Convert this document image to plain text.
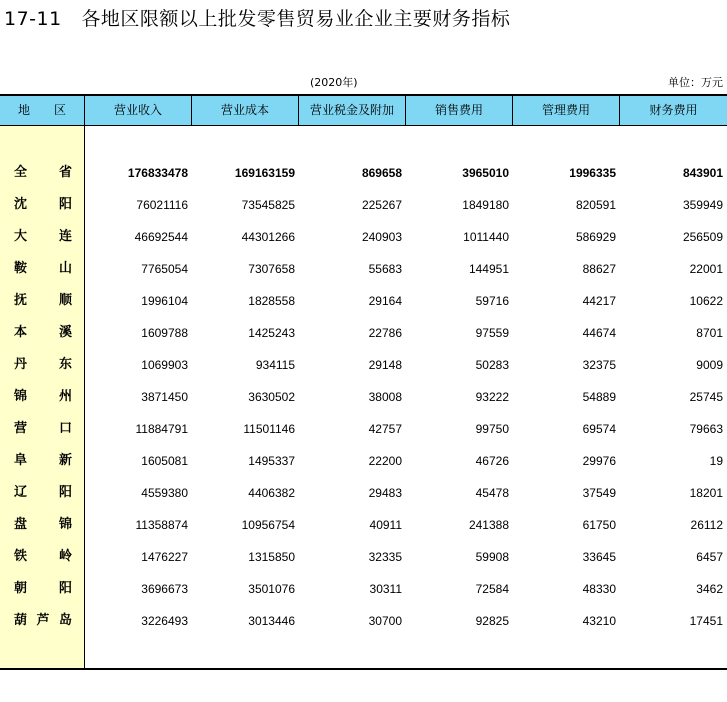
17-11   各地区限额以上批发零售贸易业企业主要财务指标
(2020年)	单位：万元
地　　区	营业收入	营业成本	营业税金及附加	销售费用	管理费用	财务费用
全省	176833478	169163159	869658	3965010	1996335	843901
沈阳	76021116	73545825	225267	1849180	820591	359949
大连	46692544	44301266	240903	1011440	586929	256509
鞍山	7765054	7307658	55683	144951	88627	22001
抚顺	1996104	1828558	29164	59716	44217	10622
本溪	1609788	1425243	22786	97559	44674	8701
丹东	1069903	934115	29148	50283	32375	9009
锦州	3871450	3630502	38008	93222	54889	25745
营口	11884791	11501146	42757	99750	69574	79663
阜新	1605081	1495337	22200	46726	29976	19
辽阳	4559380	4406382	29483	45478	37549	18201
盘锦	11358874	10956754	40911	241388	61750	26112
铁岭	1476227	1315850	32335	59908	33645	6457
朝阳	3696673	3501076	30311	72584	48330	3462
葫芦岛	3226493	3013446	30700	92825	43210	17451
